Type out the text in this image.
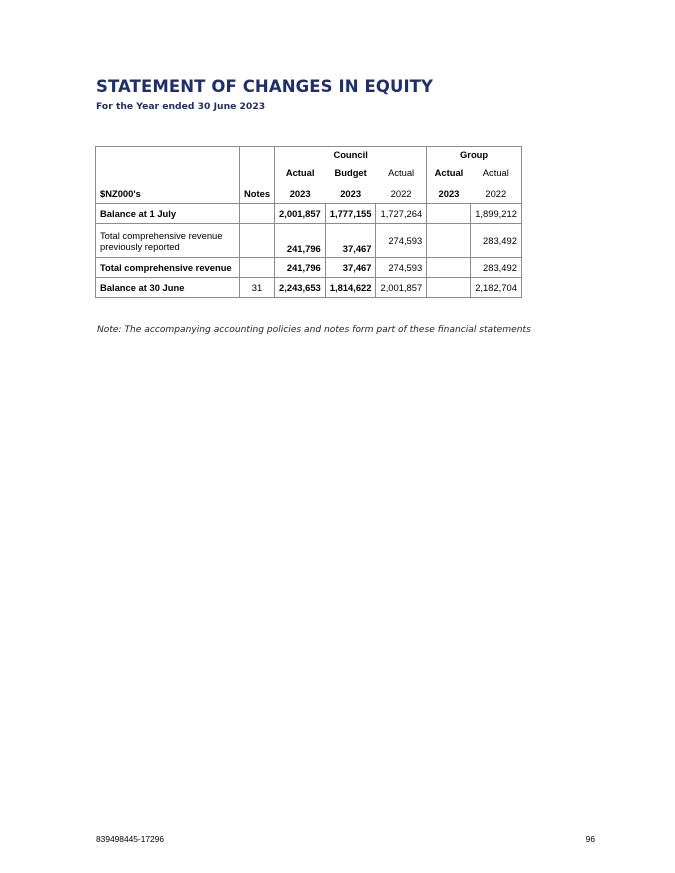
STATEMENT OF CHANGES IN EQUITY
For the Year ended 30 June 2023
		Council			Group	
		Actual	Budget	Actual	Actual	Actual
$NZ000's	Notes	2023	2023	2022	2023	2022
Balance at 1 July		2,001,857	1,777,155	1,727,264		1,899,212
Total comprehensive revenue previously reported		241,796	37,467	274,593		283,492
Total comprehensive revenue		241,796	37,467	274,593		283,492
Balance at 30 June	31	2,243,653	1,814,622	2,001,857		2,182,704

Note: The accompanying accounting policies and notes form part of these financial statements

839498445-17296	96
